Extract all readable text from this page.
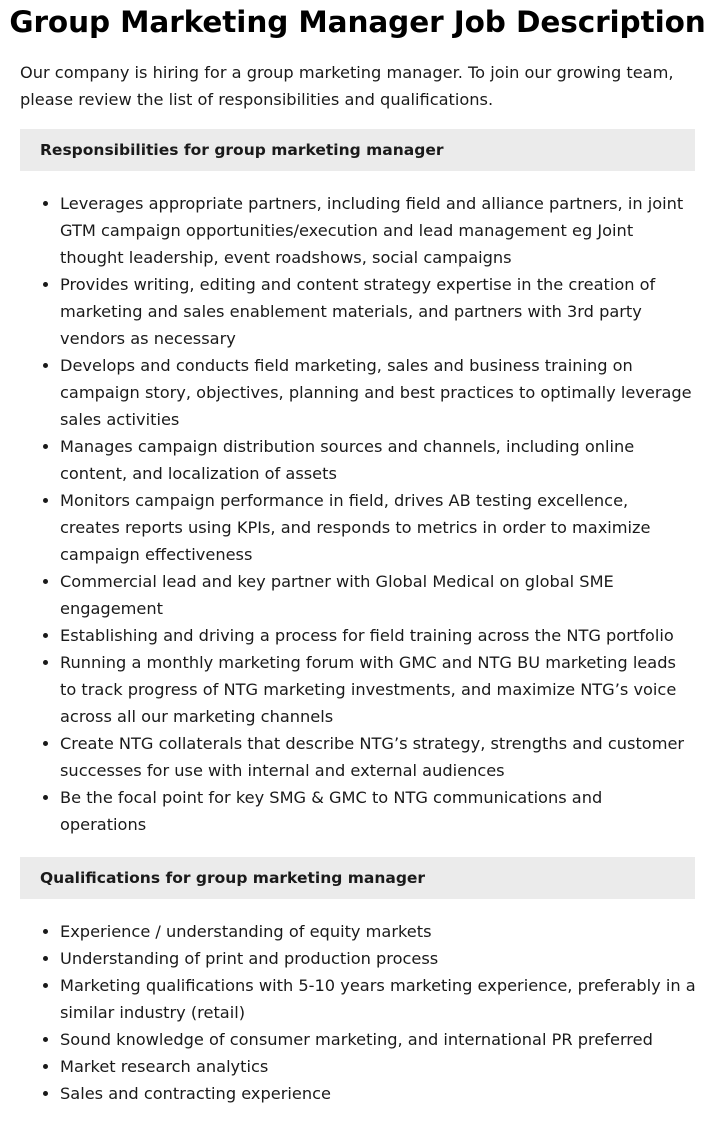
Group Marketing Manager Job Description

Our company is hiring for a group marketing manager. To join our growing team,
please review the list of responsibilities and qualifications.

Responsibilities for group marketing manager
Leverages appropriate partners, including field and alliance partners, in joint
GTM campaign opportunities/execution and lead management eg Joint
thought leadership, event roadshows, social campaigns
Provides writing, editing and content strategy expertise in the creation of
marketing and sales enablement materials, and partners with 3rd party
vendors as necessary
Develops and conducts field marketing, sales and business training on
campaign story, objectives, planning and best practices to optimally leverage
sales activities
Manages campaign distribution sources and channels, including online
content, and localization of assets
Monitors campaign performance in field, drives AB testing excellence,
creates reports using KPIs, and responds to metrics in order to maximize
campaign effectiveness
Commercial lead and key partner with Global Medical on global SME
engagement
Establishing and driving a process for field training across the NTG portfolio
Running a monthly marketing forum with GMC and NTG BU marketing leads
to track progress of NTG marketing investments, and maximize NTG’s voice
across all our marketing channels
Create NTG collaterals that describe NTG’s strategy, strengths and customer
successes for use with internal and external audiences
Be the focal point for key SMG & GMC to NTG communications and
operations
Qualifications for group marketing manager
Experience / understanding of equity markets
Understanding of print and production process
Marketing qualifications with 5-10 years marketing experience, preferably in a
similar industry (retail)
Sound knowledge of consumer marketing, and international PR preferred
Market research analytics
Sales and contracting experience
